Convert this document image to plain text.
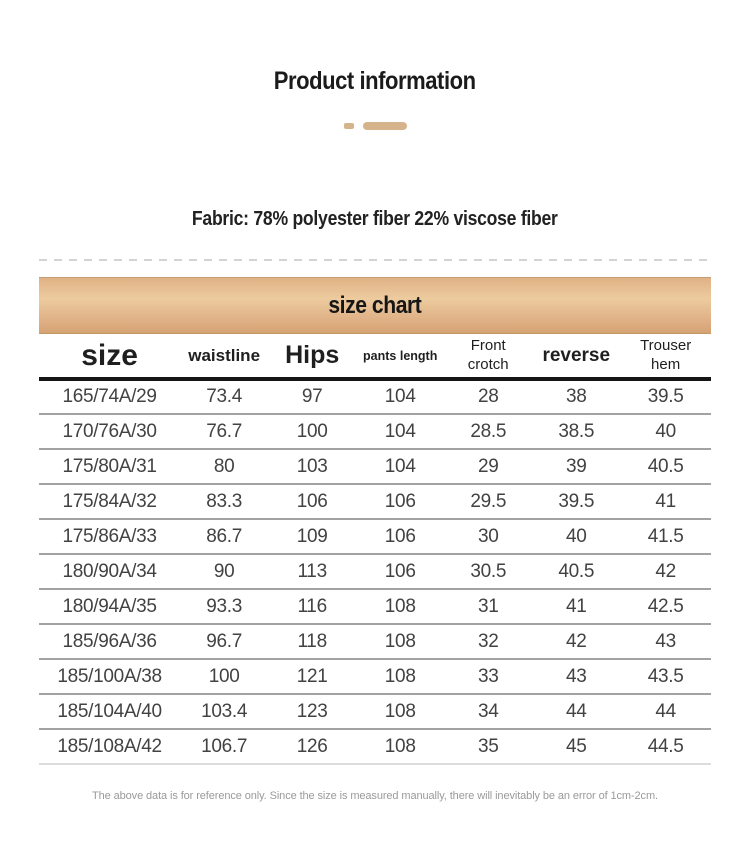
Product information
Fabric: 78% polyester fiber 22% viscose fiber
size chart
size	waistline	Hips	pants length	Front crotch	reverse	Trouser hem
165/74A/29	73.4	97	104	28	38	39.5
170/76A/30	76.7	100	104	28.5	38.5	40
175/80A/31	80	103	104	29	39	40.5
175/84A/32	83.3	106	106	29.5	39.5	41
175/86A/33	86.7	109	106	30	40	41.5
180/90A/34	90	113	106	30.5	40.5	42
180/94A/35	93.3	116	108	31	41	42.5
185/96A/36	96.7	118	108	32	42	43
185/100A/38	100	121	108	33	43	43.5
185/104A/40	103.4	123	108	34	44	44
185/108A/42	106.7	126	108	35	45	44.5
The above data is for reference only. Since the size is measured manually, there will inevitably be an error of 1cm-2cm.
